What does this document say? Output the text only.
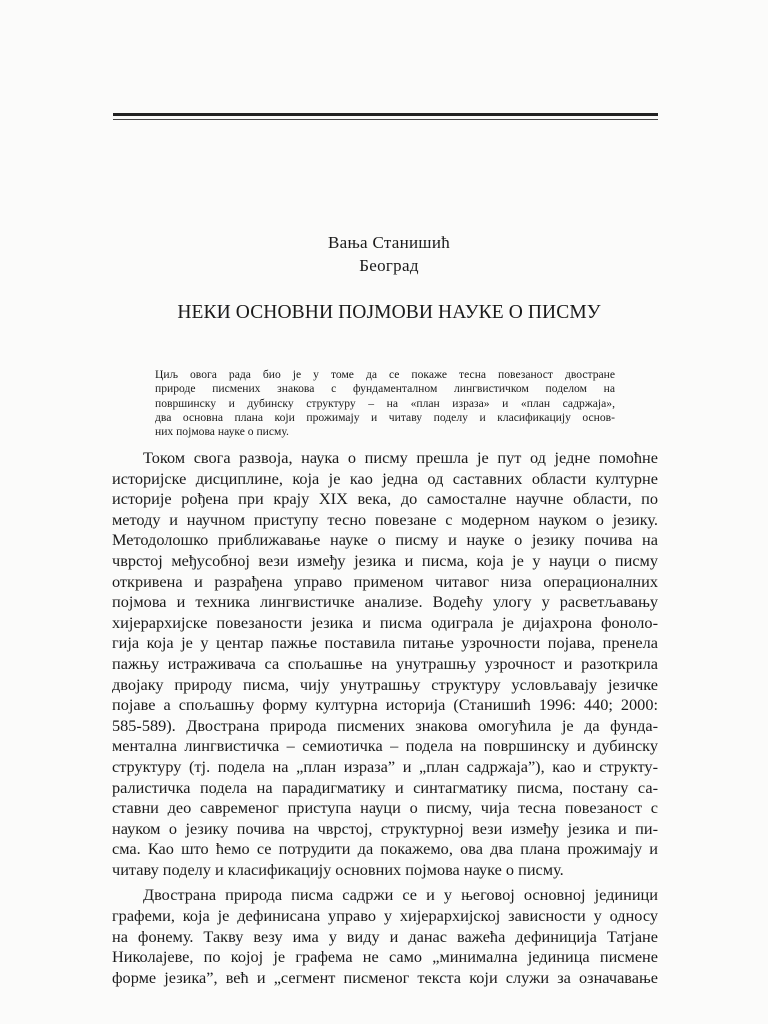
Вања Станишић
Београд
НЕКИ ОСНОВНИ ПОЈМОВИ НАУКЕ О ПИСМУ
Циљ овога рада био је у томе да се покаже тесна повезаност двостране
природе писмених знакова с фундаменталном лингвистичком поделом на
површинску и дубинску структуру – на «план израза» и «план садржаја»,
два основна плана који прожимају и читаву поделу и класификацију основ-
них појмова науке о писму.
Током свога развоја, наука о писму прешла је пут од једне помоћне
историјске дисциплине, која је као једна од саставних области културне
историје рођена при крају XIX века, до самосталне научне области, по
методу и научном приступу тесно повезане с модерном науком о језику.
Методолошко приближавање науке о писму и науке о језику почива на
чврстој међусобној вези између језика и писма, која је у науци о писму
откривена и разрађена управо применом читавог низа операционалних
појмова и техника лингвистичке анализе. Водећу улогу у расветљавању
хијерархијске повезаности језика и писма одиграла је дијахрона фоноло-
гија која је у центар пажње поставила питање узрочности појава, пренела
пажњу истраживача са спољашње на унутрашњу узрочност и разоткрила
двојаку природу писма, чију унутрашњу структуру условљавају језичке
појаве а спољашњу форму културна историја (Станишић 1996: 440; 2000:
585-589). Двострана природа писмених знакова омогућила је да фунда-
ментална лингвистичка – семиотичка – подела на површинску и дубинску
структуру (тј. подела на „план израза” и „план садржаја”), као и структу-
ралистичка подела на парадигматику и синтагматику писма, постану са-
ставни део савременог приступа науци о писму, чија тесна повезаност с
науком о језику почива на чврстој, структурној вези између језика и пи-
сма. Као што ћемо се потрудити да покажемо, ова два плана прожимају и
читаву поделу и класификацију основних појмова науке о писму.
Двострана природа писма садржи се и у његовој основној јединици
графеми, која је дефинисана управо у хијерархијској зависности у односу
на фонему. Такву везу има у виду и данас важећа дефиниција Татјане
Николајеве, по којој је графема не само „минимална јединица писмене
форме језика”, већ и „сегмент писменог текста који служи за означавање
